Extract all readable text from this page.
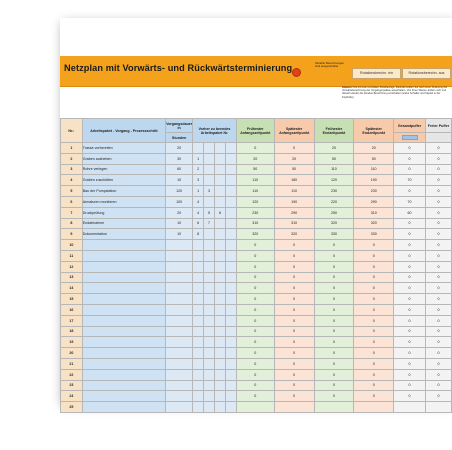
Netzplan mit Vorwärts- und Rückwärtsterminierung	Variable Berechnungen sind ausgeschaltet
Rotationsbrechn. ein	Rotationsberechn. aus
Hinweis: Die Formeln enthalten Zirkelbezüge. Deshalb sollten Sie nach einer Änderung der Vorwärtsberechnung der Vorgängerpakete ausschalten. Von Ihren Werten ändern sich und danach wieder die iterative Berechnung einschalten (siehe Schalter und Kapitel in der Kopfzeile).
Nr.:	Arbeitspaket - Vorgang - Prozessschritt	Vorgangsdauer in	Vorher zu beendes Arbeitspaket Nr.				Frühester Anfangszeitpunkt	Spätester Anfangszeitpunkt	Frühester Endzeitpunkt	Spätester Endzeitpunkt	Gesamtpuffer	Freier Puffer
		Stunden										
1	Trasse vorbereiten	20					0	0	20	20	0	0
2	Graben ausheben	30	1				20	20	50	50	0	0
3	Rohre verlegen	60	2				50	50	110	110	0	0
4	Graben zuschütten	10	3				110	180	120	190	70	0
5	Bau der Pumpstation	120	1	3			110	110	230	230	0	0
6	Armaturen montieren	100	4				120	190	220	290	70	0
7	Druckprüfung	20	4	5	6		230	290	250	310	60	0
8	Endabnahme	10	6	7			310	310	320	320	0	0
9	Dokumentation	10	8				320	320	330	330	0	0
10							0	0	0	0	0	0
11							0	0	0	0	0	0
12							0	0	0	0	0	0
13							0	0	0	0	0	0
14							0	0	0	0	0	0
15							0	0	0	0	0	0
16							0	0	0	0	0	0
17							0	0	0	0	0	0
18							0	0	0	0	0	0
19							0	0	0	0	0	0
20							0	0	0	0	0	0
21							0	0	0	0	0	0
22							0	0	0	0	0	0
23							0	0	0	0	0	0
24							0	0	0	0	0	0
25												
